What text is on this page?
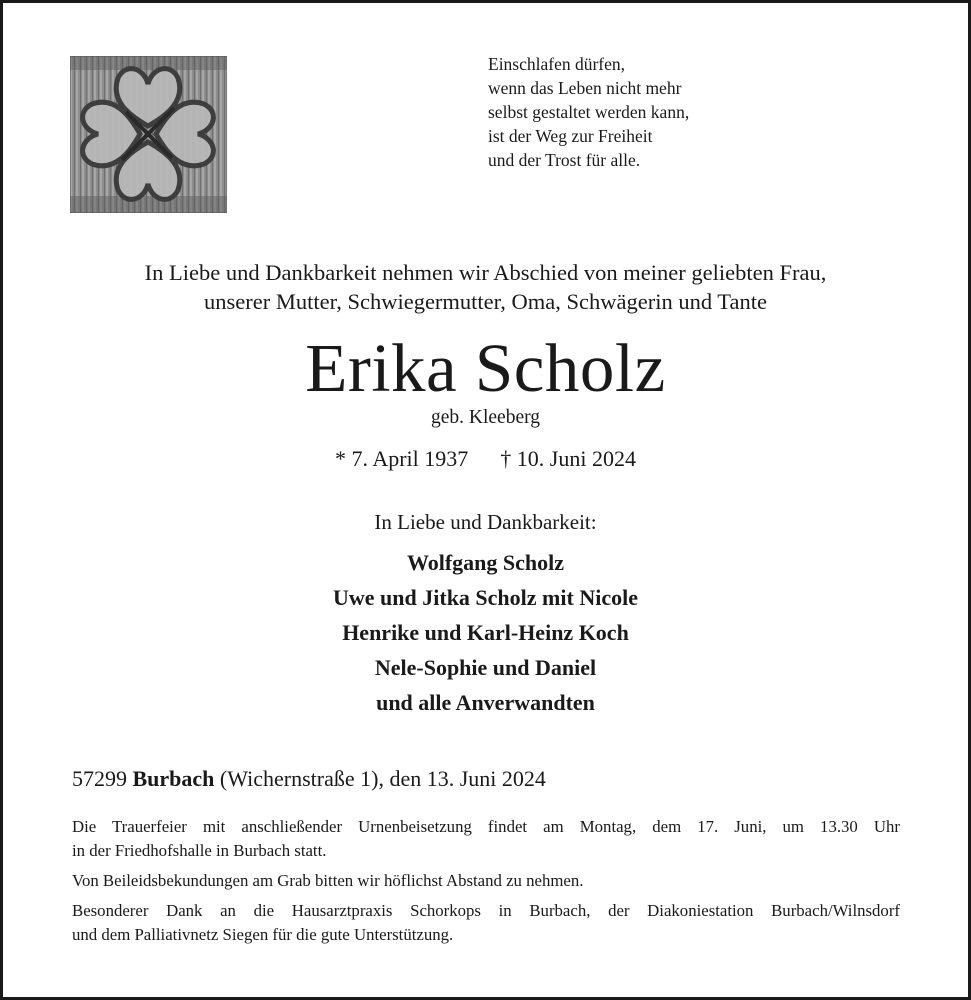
Einschlafen dürfen,
wenn das Leben nicht mehr
selbst gestaltet werden kann,
ist der Weg zur Freiheit
und der Trost für alle.
In Liebe und Dankbarkeit nehmen wir Abschied von meiner geliebten Frau,
unserer Mutter, Schwiegermutter, Oma, Schwägerin und Tante
Erika Scholz
geb. Kleeberg
* 7. April 1937 † 10. Juni 2024
In Liebe und Dankbarkeit:
Wolfgang Scholz
Uwe und Jitka Scholz mit Nicole
Henrike und Karl-Heinz Koch
Nele-Sophie und Daniel
und alle Anverwandten
57299 Burbach (Wichernstraße 1), den 13. Juni 2024

Die Trauerfeier mit anschließender Urnenbeisetzung findet am Montag, dem 17. Juni, um 13.30 Uhr
in der Friedhofshalle in Burbach statt.

Von Beileidsbekundungen am Grab bitten wir höflichst Abstand zu nehmen.

Besonderer Dank an die Hausarztpraxis Schorkops in Burbach, der Diakoniestation Burbach/Wilnsdorf
und dem Palliativnetz Siegen für die gute Unterstützung.
